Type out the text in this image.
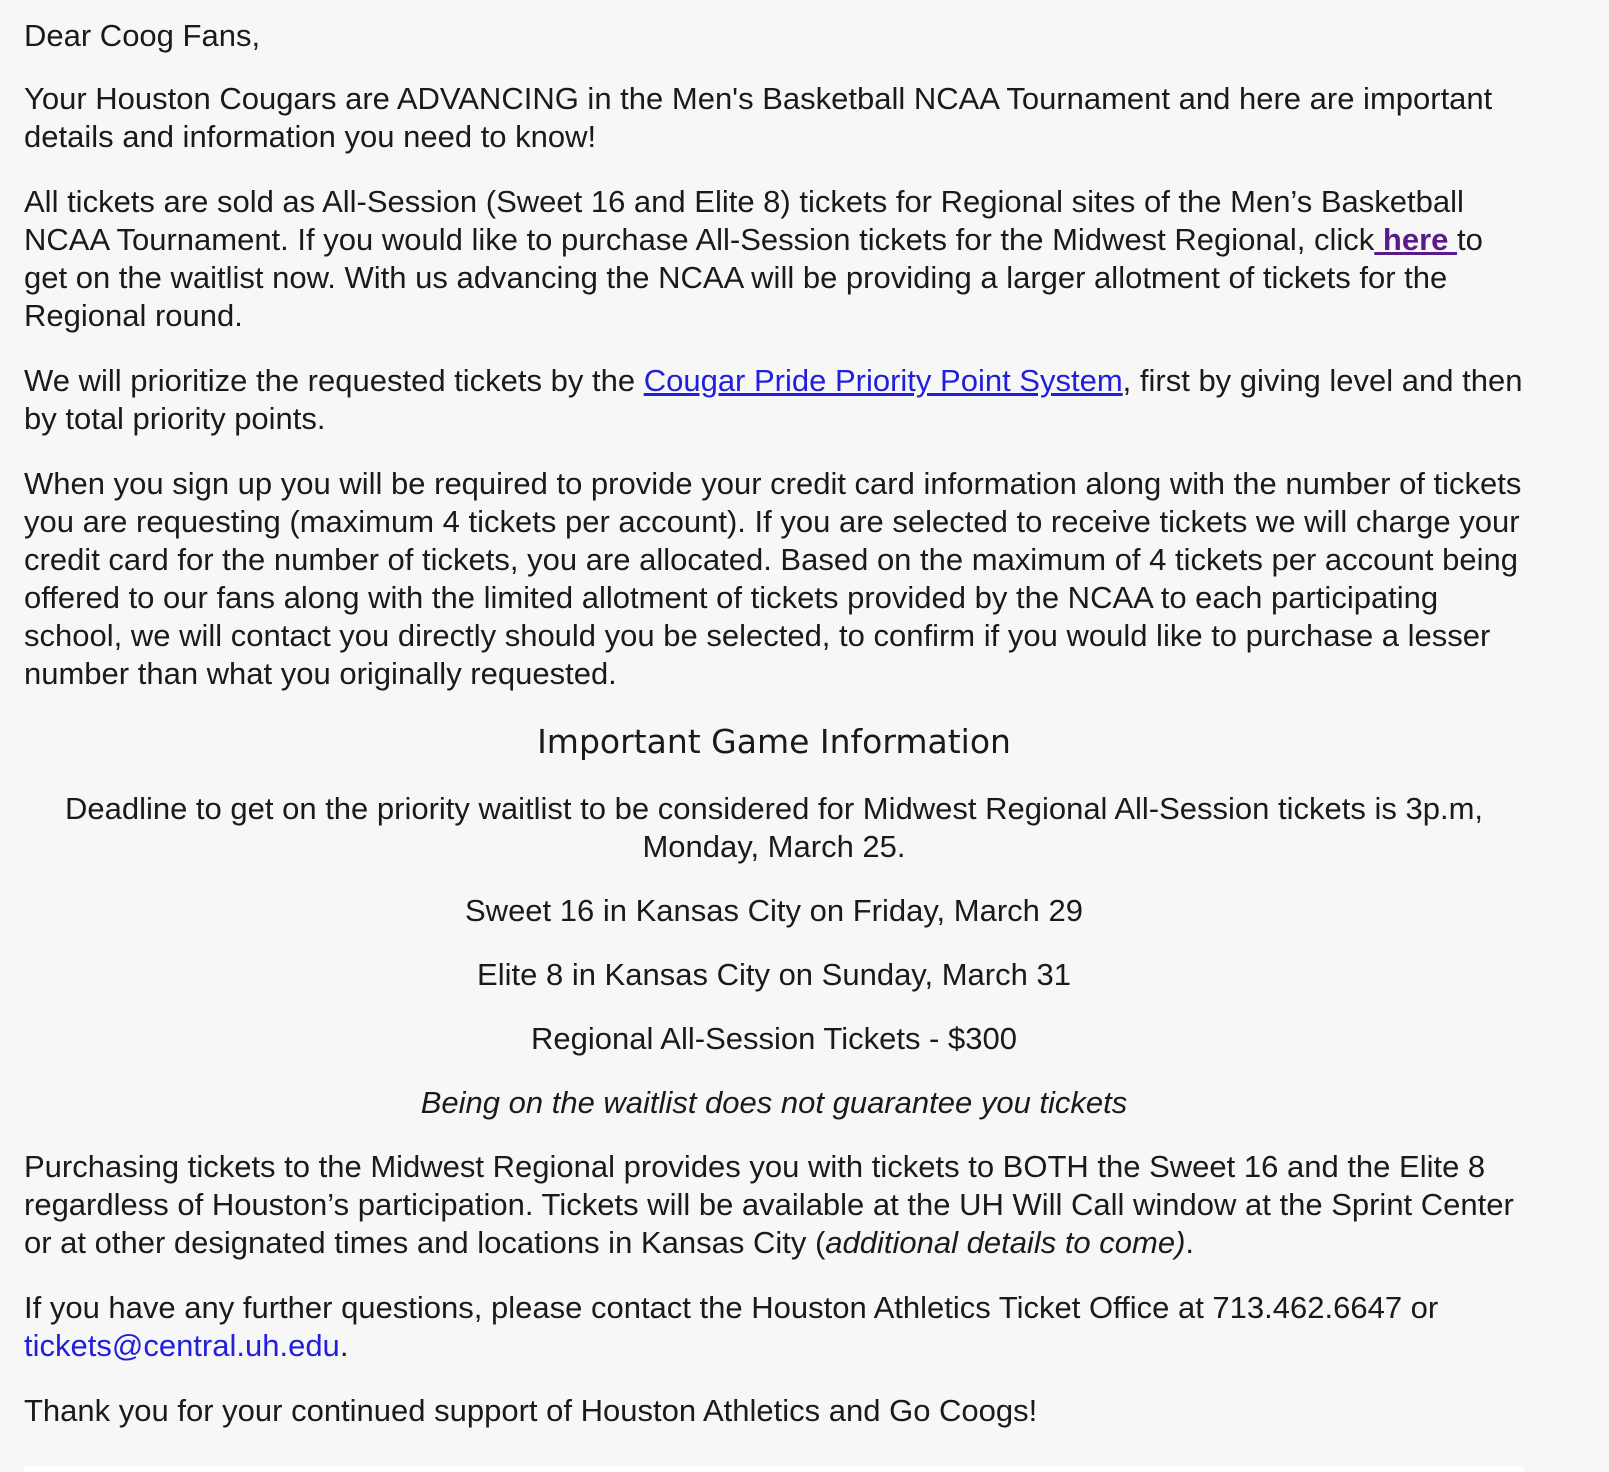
Dear Coog Fans,

Your Houston Cougars are ADVANCING in the Men's Basketball NCAA Tournament and here are important details and information you need to know!

All tickets are sold as All-Session (Sweet 16 and Elite 8) tickets for Regional sites of the Men’s Basketball NCAA Tournament. If you would like to purchase All-Session tickets for the Midwest Regional, click here to get on the waitlist now. With us advancing the NCAA will be providing a larger allotment of tickets for the Regional round.

We will prioritize the requested tickets by the Cougar Pride Priority Point System, first by giving level and then by total priority points.

When you sign up you will be required to provide your credit card information along with the number of tickets you are requesting (maximum 4 tickets per account). If you are selected to receive tickets we will charge your credit card for the number of tickets, you are allocated. Based on the maximum of 4 tickets per account being offered to our fans along with the limited allotment of tickets provided by the NCAA to each participating school, we will contact you directly should you be selected, to confirm if you would like to purchase a lesser number than what you originally requested.

Important Game Information

Deadline to get on the priority waitlist to be considered for Midwest Regional All-Session tickets is 3p.m, Monday, March 25.

Sweet 16 in Kansas City on Friday, March 29

Elite 8 in Kansas City on Sunday, March 31

Regional All-Session Tickets - $300

Being on the waitlist does not guarantee you tickets

Purchasing tickets to the Midwest Regional provides you with tickets to BOTH the Sweet 16 and the Elite 8 regardless of Houston’s participation. Tickets will be available at the UH Will Call window at the Sprint Center or at other designated times and locations in Kansas City (additional details to come).

If you have any further questions, please contact the Houston Athletics Ticket Office at 713.462.6647 or tickets@central.uh.edu.

Thank you for your continued support of Houston Athletics and Go Coogs!
